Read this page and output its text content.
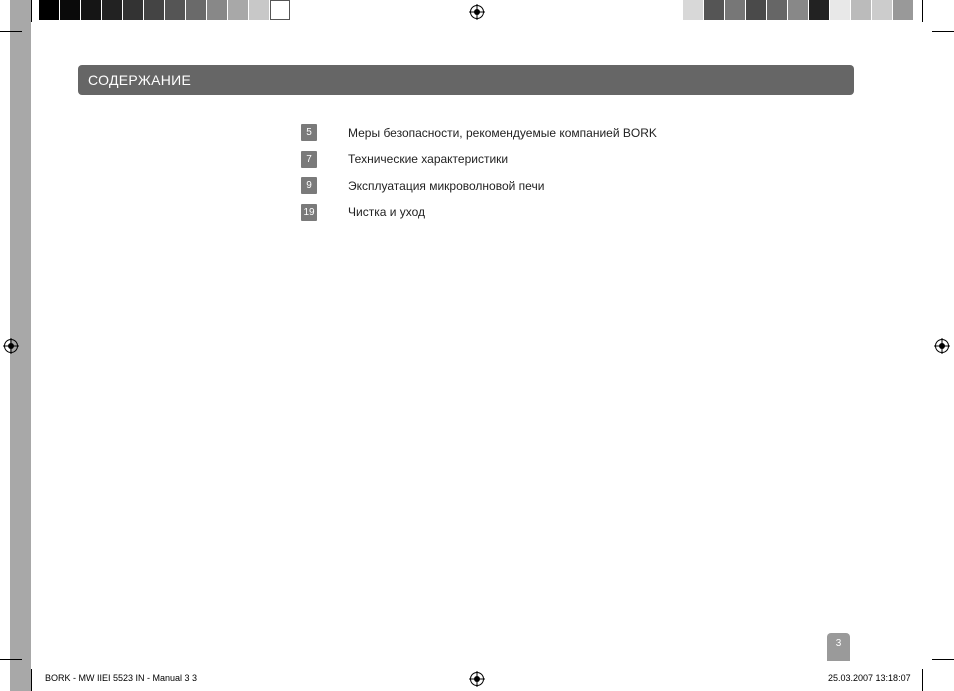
СОДЕРЖАНИЕ
5	Меры безопасности, рекомендуемые компанией BORK
7	Технические характеристики
9	Эксплуатация микроволновой печи
19	Чистка и уход
3
BORK - MW IIEI 5523 IN - Manual 3 3	25.03.2007 13:18:07
